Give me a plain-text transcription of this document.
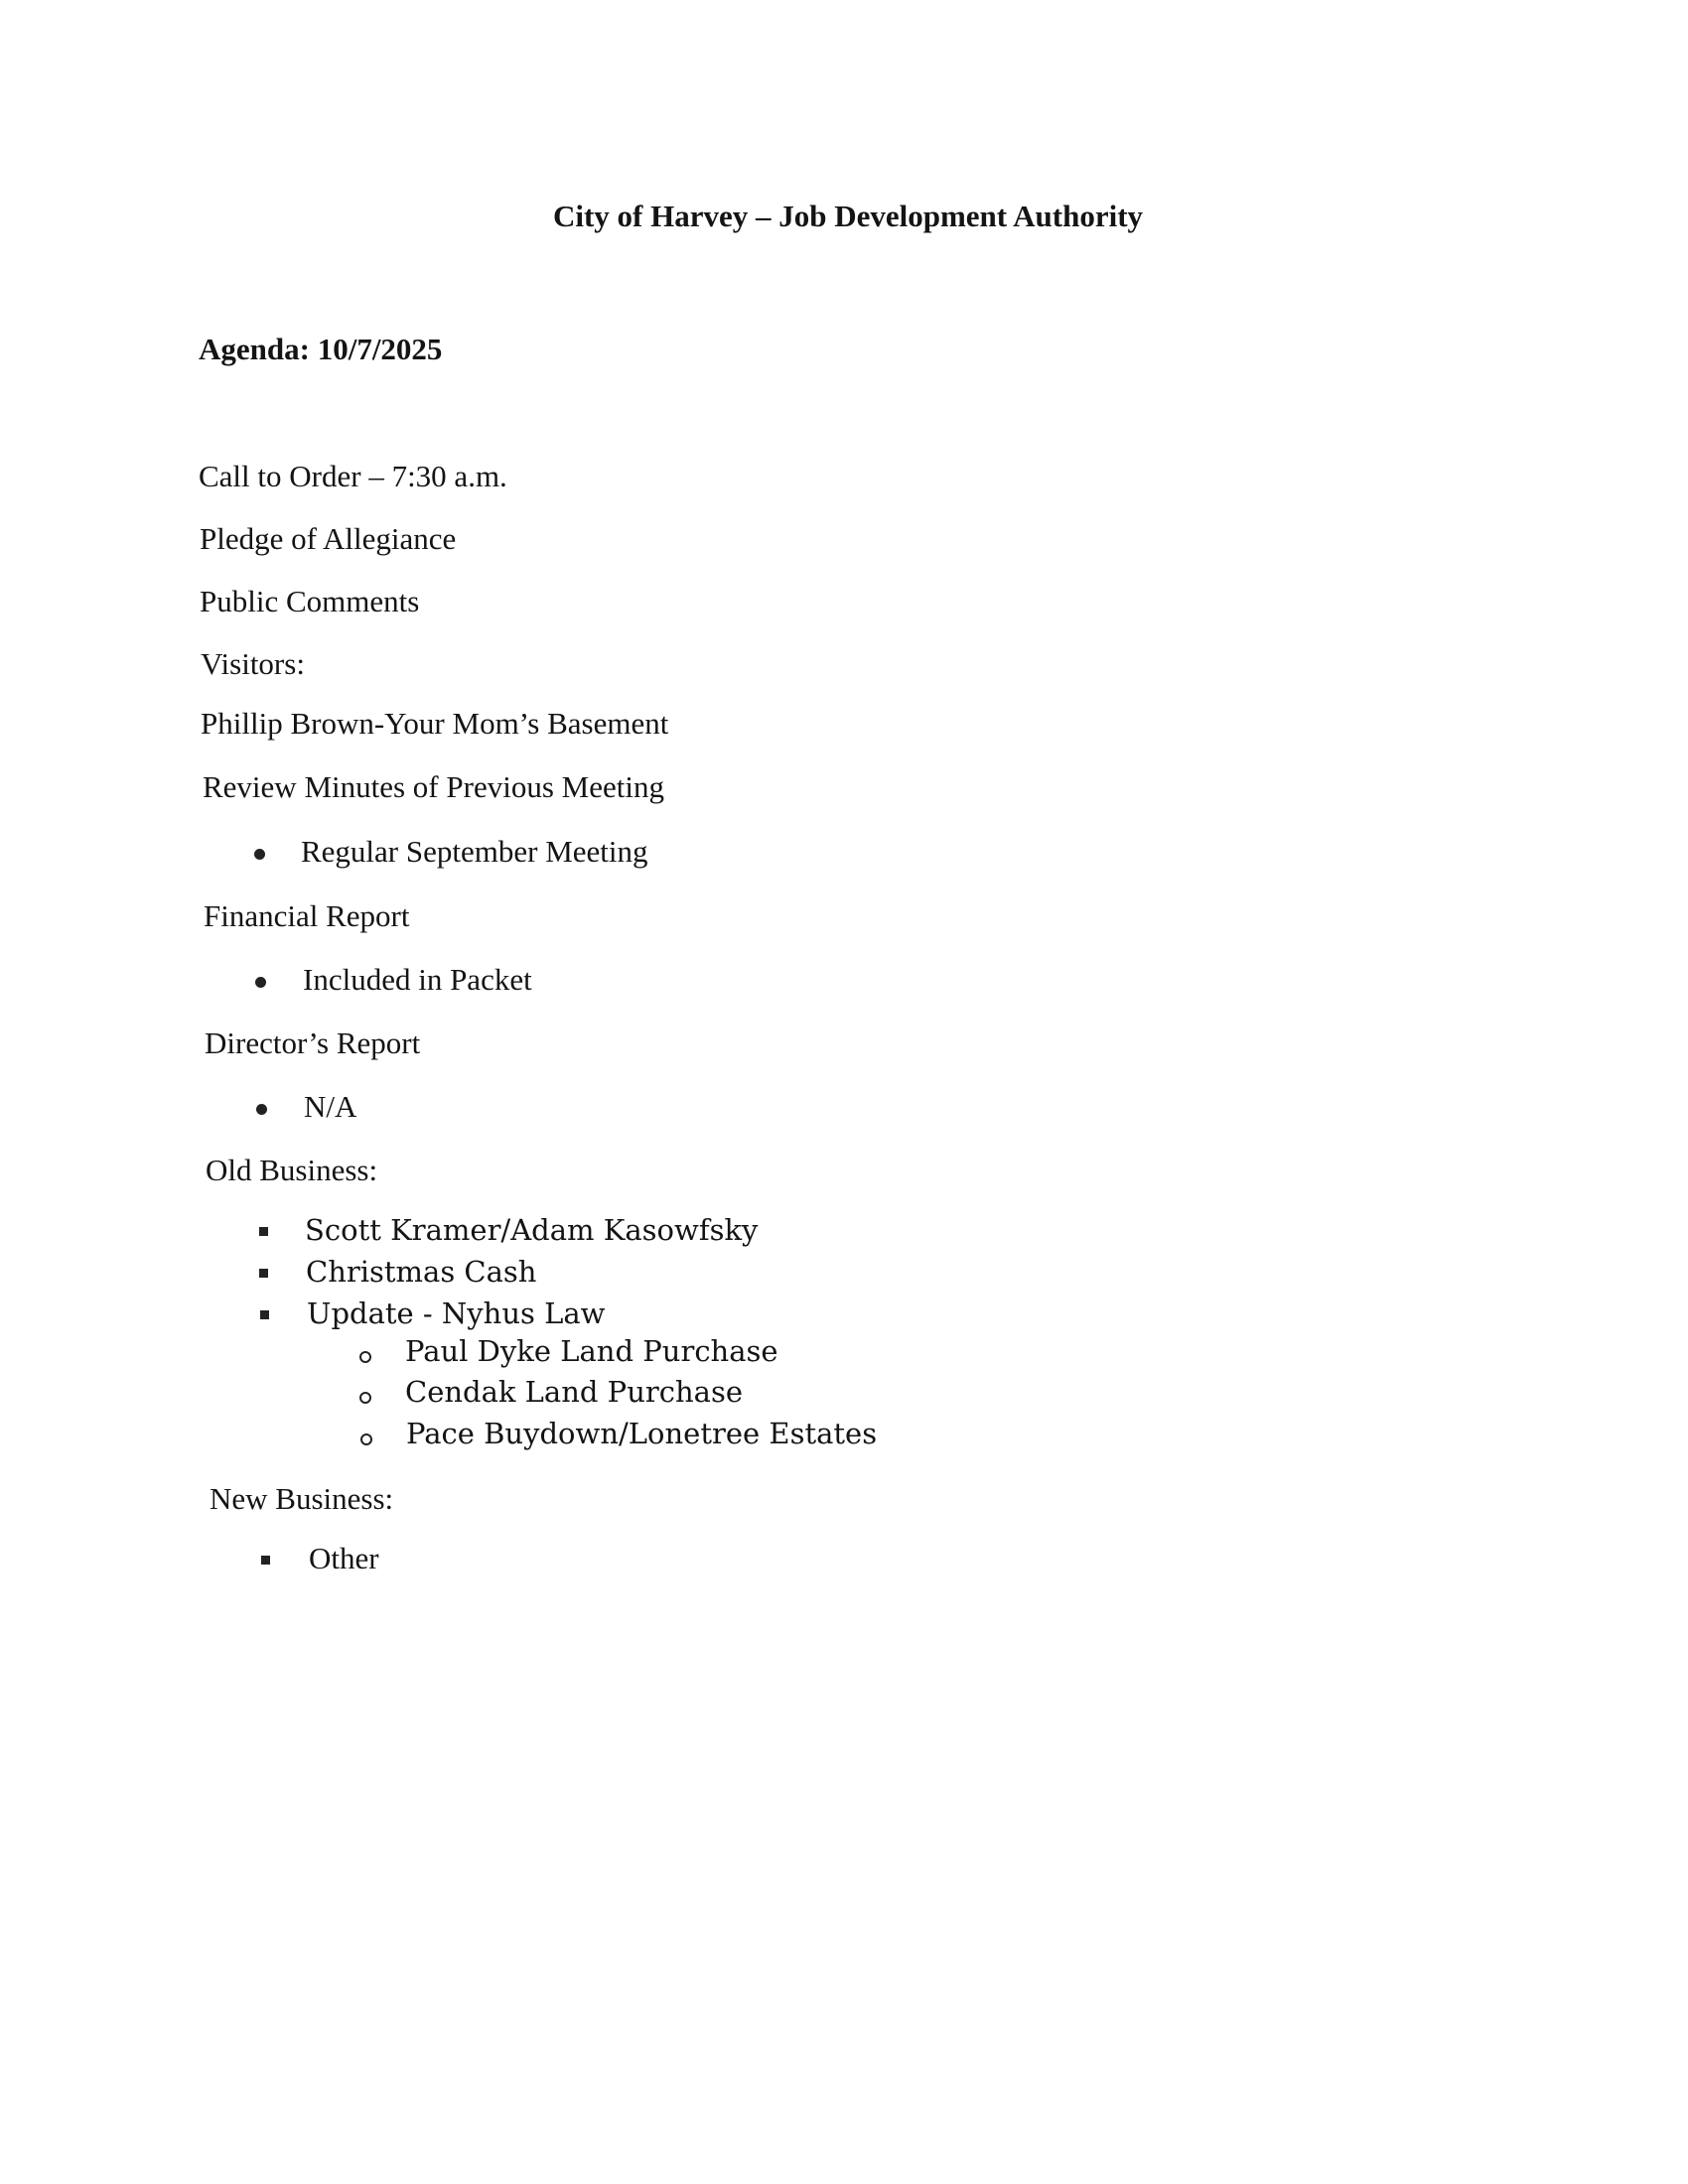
City of Harvey – Job Development Authority
Agenda: 10/7/2025
Call to Order – 7:30 a.m.
Pledge of Allegiance
Public Comments
Visitors:
Phillip Brown-Your Mom’s Basement
Review Minutes of Previous Meeting
Regular September Meeting
Financial Report
Included in Packet
Director’s Report
N/A
Old Business:
Scott Kramer/Adam Kasowfsky
Christmas Cash
Update - Nyhus Law
Paul Dyke Land Purchase
Cendak Land Purchase
Pace Buydown/Lonetree Estates
New Business:
Other
